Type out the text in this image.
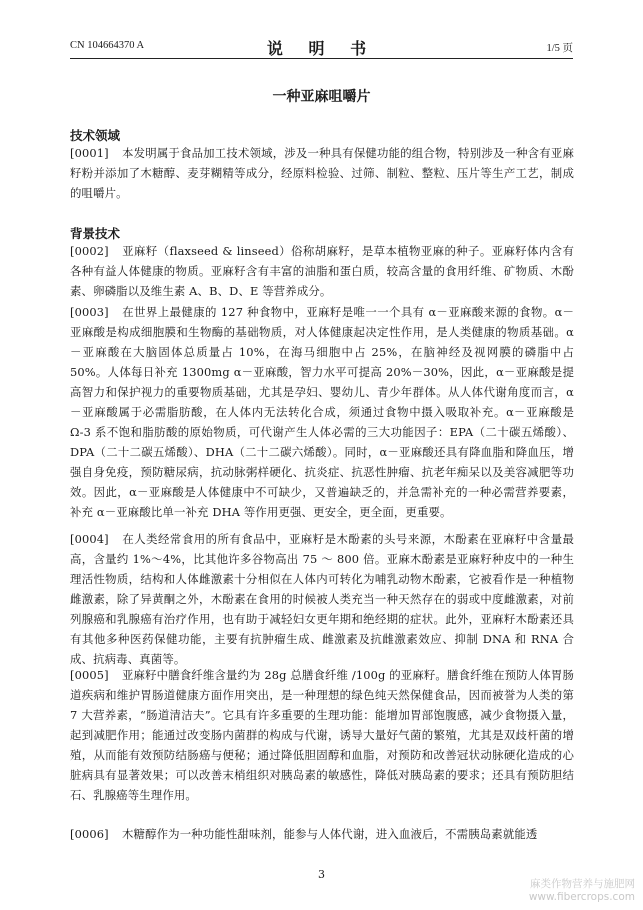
CN 104664370 A	说 明 书	1/5 页
一种亚麻咀嚼片
技术领域
[0001] 本发明属于食品加工技术领域，涉及一种具有保健功能的组合物，特别涉及一种含有亚麻籽粉并添加了木糖醇、麦芽糊精等成分，经原料检验、过筛、制粒、整粒、压片等生产工艺，制成的咀嚼片。
背景技术
[0002] 亚麻籽（flaxseed & linseed）俗称胡麻籽，是草本植物亚麻的种子。亚麻籽体内含有各种有益人体健康的物质。亚麻籽含有丰富的油脂和蛋白质，较高含量的食用纤维、矿物质、木酚素、卵磷脂以及维生素 A、B、D、E 等营养成分。
[0003] 在世界上最健康的 127 种食物中，亚麻籽是唯一一个具有 α－亚麻酸来源的食物。α－亚麻酸是构成细胞膜和生物酶的基础物质，对人体健康起决定性作用，是人类健康的物质基础。α－亚麻酸在大脑固体总质量占 10%，在海马细胞中占 25%，在脑神经及视网膜的磷脂中占 50%。人体每日补充 1300mg α－亚麻酸，智力水平可提高 20%－30%，因此，α－亚麻酸是提高智力和保护视力的重要物质基础，尤其是孕妇、婴幼儿、青少年群体。从人体代谢角度而言，α－亚麻酸属于必需脂肪酸，在人体内无法转化合成，须通过食物中摄入吸取补充。α－亚麻酸是 Ω-3 系不饱和脂肪酸的原始物质，可代谢产生人体必需的三大功能因子：EPA（二十碳五烯酸）、DPA（二十二碳五烯酸）、DHA（二十二碳六烯酸）。同时，α－亚麻酸还具有降血脂和降血压，增强自身免疫，预防糖尿病，抗动脉粥样硬化、抗炎症、抗恶性肿瘤、抗老年痴呆以及美容减肥等功效。因此，α－亚麻酸是人体健康中不可缺少，又普遍缺乏的，并急需补充的一种必需营养要素，补充 α－亚麻酸比单一补充 DHA 等作用更强、更安全，更全面，更重要。
[0004] 在人类经常食用的所有食品中，亚麻籽是木酚素的头号来源，木酚素在亚麻籽中含量最高，含量约 1%～4%，比其他许多谷物高出 75 ～ 800 倍。亚麻木酚素是亚麻籽种皮中的一种生理活性物质，结构和人体雌激素十分相似在人体内可转化为哺乳动物木酚素，它被看作是一种植物雌激素，除了异黄酮之外，木酚素在食用的时候被人类充当一种天然存在的弱或中度雌激素，对前列腺癌和乳腺癌有治疗作用，也有助于减轻妇女更年期和绝经期的症状。此外，亚麻籽木酚素还具有其他多种医药保健功能，主要有抗肿瘤生成、雌激素及抗雌激素效应、抑制 DNA 和 RNA 合成、抗病毒、真菌等。
[0005] 亚麻籽中膳食纤维含量约为 28g 总膳食纤维 /100g 的亚麻籽。膳食纤维在预防人体胃肠道疾病和维护胃肠道健康方面作用突出，是一种理想的绿色纯天然保健食品，因而被誉为人类的第 7 大营养素，“肠道清洁夫”。它具有许多重要的生理功能：能增加胃部饱腹感，减少食物摄入量，起到减肥作用；能通过改变肠内菌群的构成与代谢，诱导大量好气菌的繁殖，尤其是双歧杆菌的增殖，从而能有效预防结肠癌与便秘；通过降低胆固醇和血脂，对预防和改善冠状动脉硬化造成的心脏病具有显著效果；可以改善末梢组织对胰岛素的敏感性，降低对胰岛素的要求；还具有预防胆结石、乳腺癌等生理作用。
[0006] 木糖醇作为一种功能性甜味剂，能参与人体代谢，进入血液后，不需胰岛素就能透
3
麻类作物营养与施肥网
www.fibercrops.com
